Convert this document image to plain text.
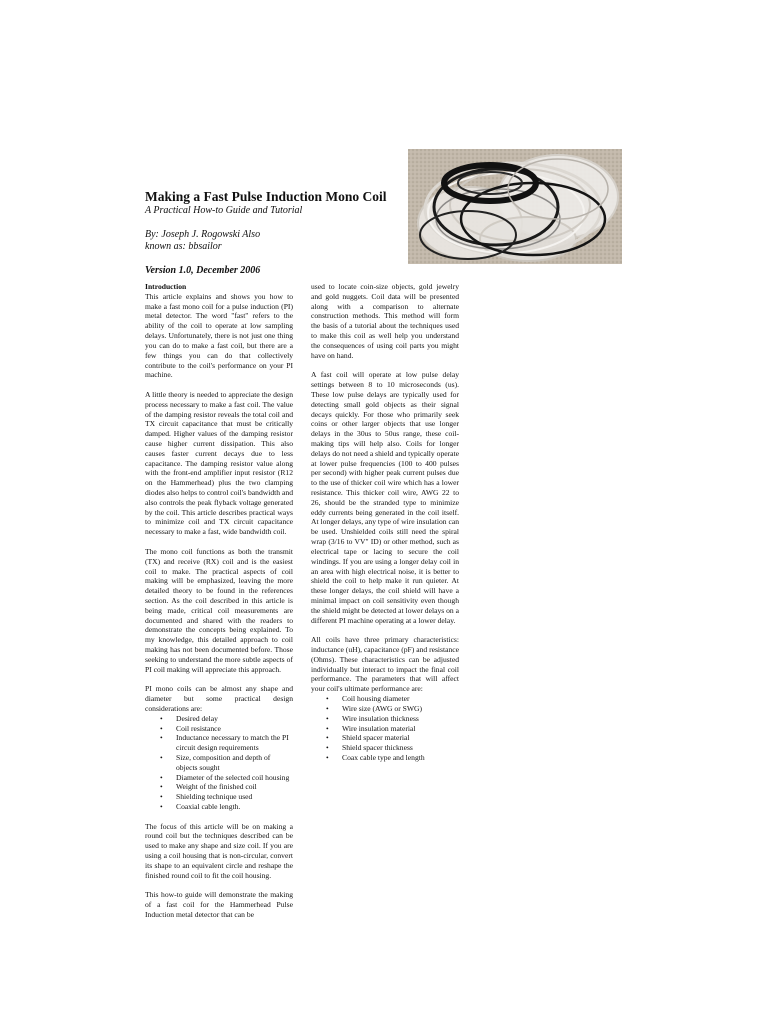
Making a Fast Pulse Induction Mono Coil

A Practical How-to Guide and Tutorial

By: Joseph J. Rogowski Also

known as: bbsailor

Version 1.0, December 2006

Introduction

This article explains and shows you how to make a fast mono coil for a pulse induction (PI) metal detector. The word "fast" refers to the ability of the coil to operate at low sampling delays. Unfortunately, there is not just one thing you can do to make a fast coil, but there are a few things you can do that collectively contribute to the coil's performance on your PI machine.

A little theory is needed to appreciate the design process necessary to make a fast coil. The value of the damping resistor reveals the total coil and TX circuit capacitance that must be critically damped. Higher values of the damping resistor cause higher current dissipation. This also causes faster current decays due to less capacitance. The damping resistor value along with the front-end amplifier input resistor (R12 on the Hammerhead) plus the two clamping diodes also helps to control coil's bandwidth and also controls the peak flyback voltage generated by the coil. This article describes practical ways to minimize coil and TX circuit capacitance necessary to make a fast, wide bandwidth coil.

The mono coil functions as both the transmit (TX) and receive (RX) coil and is the easiest coil to make. The practical aspects of coil making will be emphasized, leaving the more detailed theory to be found in the references section. As the coil described in this article is being made, critical coil measurements are documented and shared with the readers to demonstrate the concepts being explained. To my knowledge, this detailed approach to coil making has not been documented before. Those seeking to understand the more subtle aspects of PI coil making will appreciate this approach.

PI mono coils can be almost any shape and diameter but some practical design considerations are:

• Desired delay
• Coil resistance
• Inductance necessary to match the PI circuit design requirements
• Size, composition and depth of objects sought
• Diameter of the selected coil housing
• Weight of the finished coil
• Shielding technique used
• Coaxial cable length.

The focus of this article will be on making a round coil but the techniques described can be used to make any shape and size coil. If you are using a coil housing that is non-circular, convert its shape to an equivalent circle and reshape the finished round coil to fit the coil housing.

This how-to guide will demonstrate the making of a fast coil for the Hammerhead Pulse Induction metal detector that can be

used to locate coin-size objects, gold jewelry and gold nuggets. Coil data will be presented along with a comparison to alternate construction methods. This method will form the basis of a tutorial about the techniques used to make this coil as well help you understand the consequences of using coil parts you might have on hand.

A fast coil will operate at low pulse delay settings between 8 to 10 microseconds (us). These low pulse delays are typically used for detecting small gold objects as their signal decays quickly. For those who primarily seek coins or other larger objects that use longer delays in the 30us to 50us range, these coil-making tips will help also. Coils for longer delays do not need a shield and typically operate at lower pulse frequencies (100 to 400 pulses per second) with higher peak current pulses due to the use of thicker coil wire which has a lower resistance. This thicker coil wire, AWG 22 to 26, should be the stranded type to minimize eddy currents being generated in the coil itself. At longer delays, any type of wire insulation can be used. Unshielded coils still need the spiral wrap (3/16 to VV" ID) or other method, such as electrical tape or lacing to secure the coil windings. If you are using a longer delay coil in an area with high electrical noise, it is better to shield the coil to help make it run quieter. At these longer delays, the coil shield will have a minimal impact on coil sensitivity even though the shield might be detected at lower delays on a different PI machine operating at a lower delay.

All coils have three primary characteristics: inductance (uH), capacitance (pF) and resistance (Ohms). These characteristics can be adjusted individually but interact to impact the final coil performance. The parameters that will affect your coil's ultimate performance are:

• Coil housing diameter
• Wire size (AWG or SWG)
• Wire insulation thickness
• Wire insulation material
• Shield spacer material
• Shield spacer thickness
• Coax cable type and length
